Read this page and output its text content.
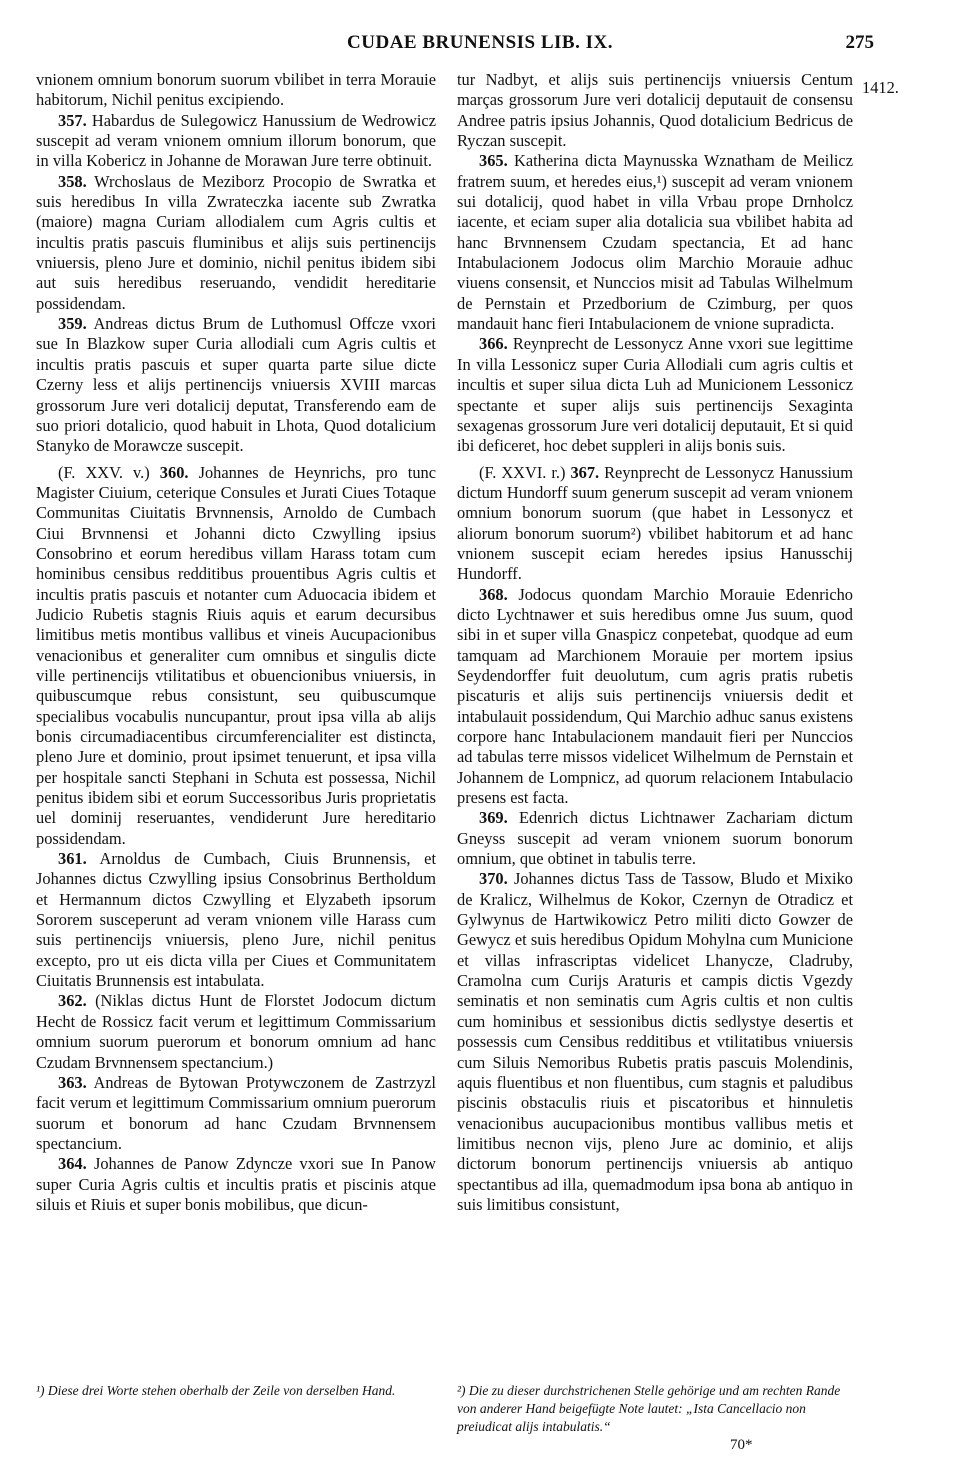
CUDAE BRUNENSIS LIB. IX.	275
1412.

vnionem omnium bonorum suorum vbilibet in terra Morauie habitorum, Nichil penitus excipiendo.

357. Habardus de Sulegowicz Hanussium de Wedrowicz suscepit ad veram vnionem omnium illorum bonorum, que in villa Kobericz in Johanne de Morawan Jure terre obtinuit.

358. Wrchoslaus de Meziborz Procopio de Swratka et suis heredibus In villa Zwrateczka iacente sub Zwratka (maiore) magna Curiam allodialem cum Agris cultis et incultis pratis pascuis fluminibus et alijs suis pertinencijs vniuersis, pleno Jure et dominio, nichil penitus ibidem sibi aut suis heredibus reseruando, vendidit hereditarie possidendam.

359. Andreas dictus Brum de Luthomusl Offcze vxori sue In Blazkow super Curia allodiali cum Agris cultis et incultis pratis pascuis et super quarta parte silue dicte Czerny less et alijs pertinencijs vniuersis XVIII marcas grossorum Jure veri dotalicij deputat, Transferendo eam de suo priori dotalicio, quod habuit in Lhota, Quod dotalicium Stanyko de Morawcze suscepit.

(F. XXV. v.) 360. Johannes de Heynrichs, pro tunc Magister Ciuium, ceterique Consules et Jurati Ciues Totaque Communitas Ciuitatis Brvnnensis, Arnoldo de Cumbach Ciui Brvnnensi et Johanni dicto Czwylling ipsius Consobrino et eorum heredibus villam Harass totam cum hominibus censibus redditibus prouentibus Agris cultis et incultis pratis pascuis et notanter cum Aduocacia ibidem et Judicio Rubetis stagnis Riuis aquis et earum decursibus limitibus metis montibus vallibus et vineis Aucupacionibus venacionibus et generaliter cum omnibus et singulis dicte ville pertinencijs vtilitatibus et obuencionibus vniuersis, in quibuscumque rebus consistunt, seu quibuscumque specialibus vocabulis nuncupantur, prout ipsa villa ab alijs bonis circumadiacentibus circumferencialiter est distincta, pleno Jure et dominio, prout ipsimet tenuerunt, et ipsa villa per hospitale sancti Stephani in Schuta est possessa, Nichil penitus ibidem sibi et eorum Successoribus Juris proprietatis uel dominij reseruantes, vendiderunt Jure hereditario possidendam.

361. Arnoldus de Cumbach, Ciuis Brunnensis, et Johannes dictus Czwylling ipsius Consobrinus Bertholdum et Hermannum dictos Czwylling et Elyzabeth ipsorum Sororem susceperunt ad veram vnionem ville Harass cum suis pertinencijs vniuersis, pleno Jure, nichil penitus excepto, pro ut eis dicta villa per Ciues et Communitatem Ciuitatis Brunnensis est intabulata.

362. (Niklas dictus Hunt de Florstet Jodocum dictum Hecht de Rossicz facit verum et legittimum Commissarium omnium suorum puerorum et bonorum omnium ad hanc Czudam Brvnnensem spectancium.)

363. Andreas de Bytowan Protywczonem de Zastrzyzl facit verum et legittimum Commissarium omnium puerorum suorum et bonorum ad hanc Czudam Brvnnensem spectancium.

364. Johannes de Panow Zdyncze vxori sue In Panow super Curia Agris cultis et incultis pratis et piscinis atque siluis et Riuis et super bonis mobilibus, que dicun-

tur Nadbyt, et alijs suis pertinencijs vniuersis Centum marças grossorum Jure veri dotalicij deputauit de consensu Andree patris ipsius Johannis, Quod dotalicium Bedricus de Ryczan suscepit.

365. Katherina dicta Maynusska Wznatham de Meilicz fratrem suum, et heredes eius,¹) suscepit ad veram vnionem sui dotalicij, quod habet in villa Vrbau prope Drnholcz iacente, et eciam super alia dotalicia sua vbilibet habita ad hanc Brvnnensem Czudam spectancia, Et ad hanc Intabulacionem Jodocus olim Marchio Morauie adhuc viuens consensit, et Nunccios misit ad Tabulas Wilhelmum de Pernstain et Przedborium de Czimburg, per quos mandauit hanc fieri Intabulacionem de vnione supradicta.

366. Reynprecht de Lessonycz Anne vxori sue legittime In villa Lessonicz super Curia Allodiali cum agris cultis et incultis et super silua dicta Luh ad Municionem Lessonicz spectante et super alijs suis pertinencijs Sexaginta sexagenas grossorum Jure veri dotalicij deputauit, Et si quid ibi deficeret, hoc debet suppleri in alijs bonis suis.

(F. XXVI. r.) 367. Reynprecht de Lessonycz Hanussium dictum Hundorff suum generum suscepit ad veram vnionem omnium bonorum suorum (que habet in Lessonycz et aliorum bonorum suorum²) vbilibet habitorum et ad hanc vnionem suscepit eciam heredes ipsius Hanusschij Hundorff.

368. Jodocus quondam Marchio Morauie Edenricho dicto Lychtnawer et suis heredibus omne Jus suum, quod sibi in et super villa Gnaspicz conpetebat, quodque ad eum tamquam ad Marchionem Morauie per mortem ipsius Seydendorffer fuit deuolutum, cum agris pratis rubetis piscaturis et alijs suis pertinencijs vniuersis dedit et intabulauit possidendum, Qui Marchio adhuc sanus existens corpore hanc Intabulacionem mandauit fieri per Nunccios ad tabulas terre missos videlicet Wilhelmum de Pernstain et Johannem de Lompnicz, ad quorum relacionem Intabulacio presens est facta.

369. Edenrich dictus Lichtnawer Zachariam dictum Gneyss suscepit ad veram vnionem suorum bonorum omnium, que obtinet in tabulis terre.

370. Johannes dictus Tass de Tassow, Bludo et Mixiko de Kralicz, Wilhelmus de Kokor, Czernyn de Otradicz et Gylwynus de Hartwikowicz Petro militi dicto Gowzer de Gewycz et suis heredibus Opidum Mohylna cum Municione et villas infrascriptas videlicet Lhanycze, Cladruby, Cramolna cum Curijs Araturis et campis dictis Vgezdy seminatis et non seminatis cum Agris cultis et non cultis cum hominibus et sessionibus dictis sedlystye desertis et possessis cum Censibus redditibus et vtilitatibus vniuersis cum Siluis Nemoribus Rubetis pratis pascuis Molendinis, aquis fluentibus et non fluentibus, cum stagnis et paludibus piscinis obstaculis riuis et piscatoribus et hinnuletis venacionibus aucupacionibus montibus vallibus metis et limitibus necnon vijs, pleno Jure ac dominio, et alijs dictorum bonorum pertinencijs vniuersis ab antiquo spectantibus ad illa, quemadmodum ipsa bona ab antiquo in suis limitibus consistunt,

¹) Diese drei Worte stehen oberhalb der Zeile von derselben Hand.	²) Die zu dieser durchstrichenen Stelle gehörige und am rechten Rande von anderer Hand beigefügte Note lautet: „Ista Cancellacio non preiudicat alijs intabulatis.“

70*
